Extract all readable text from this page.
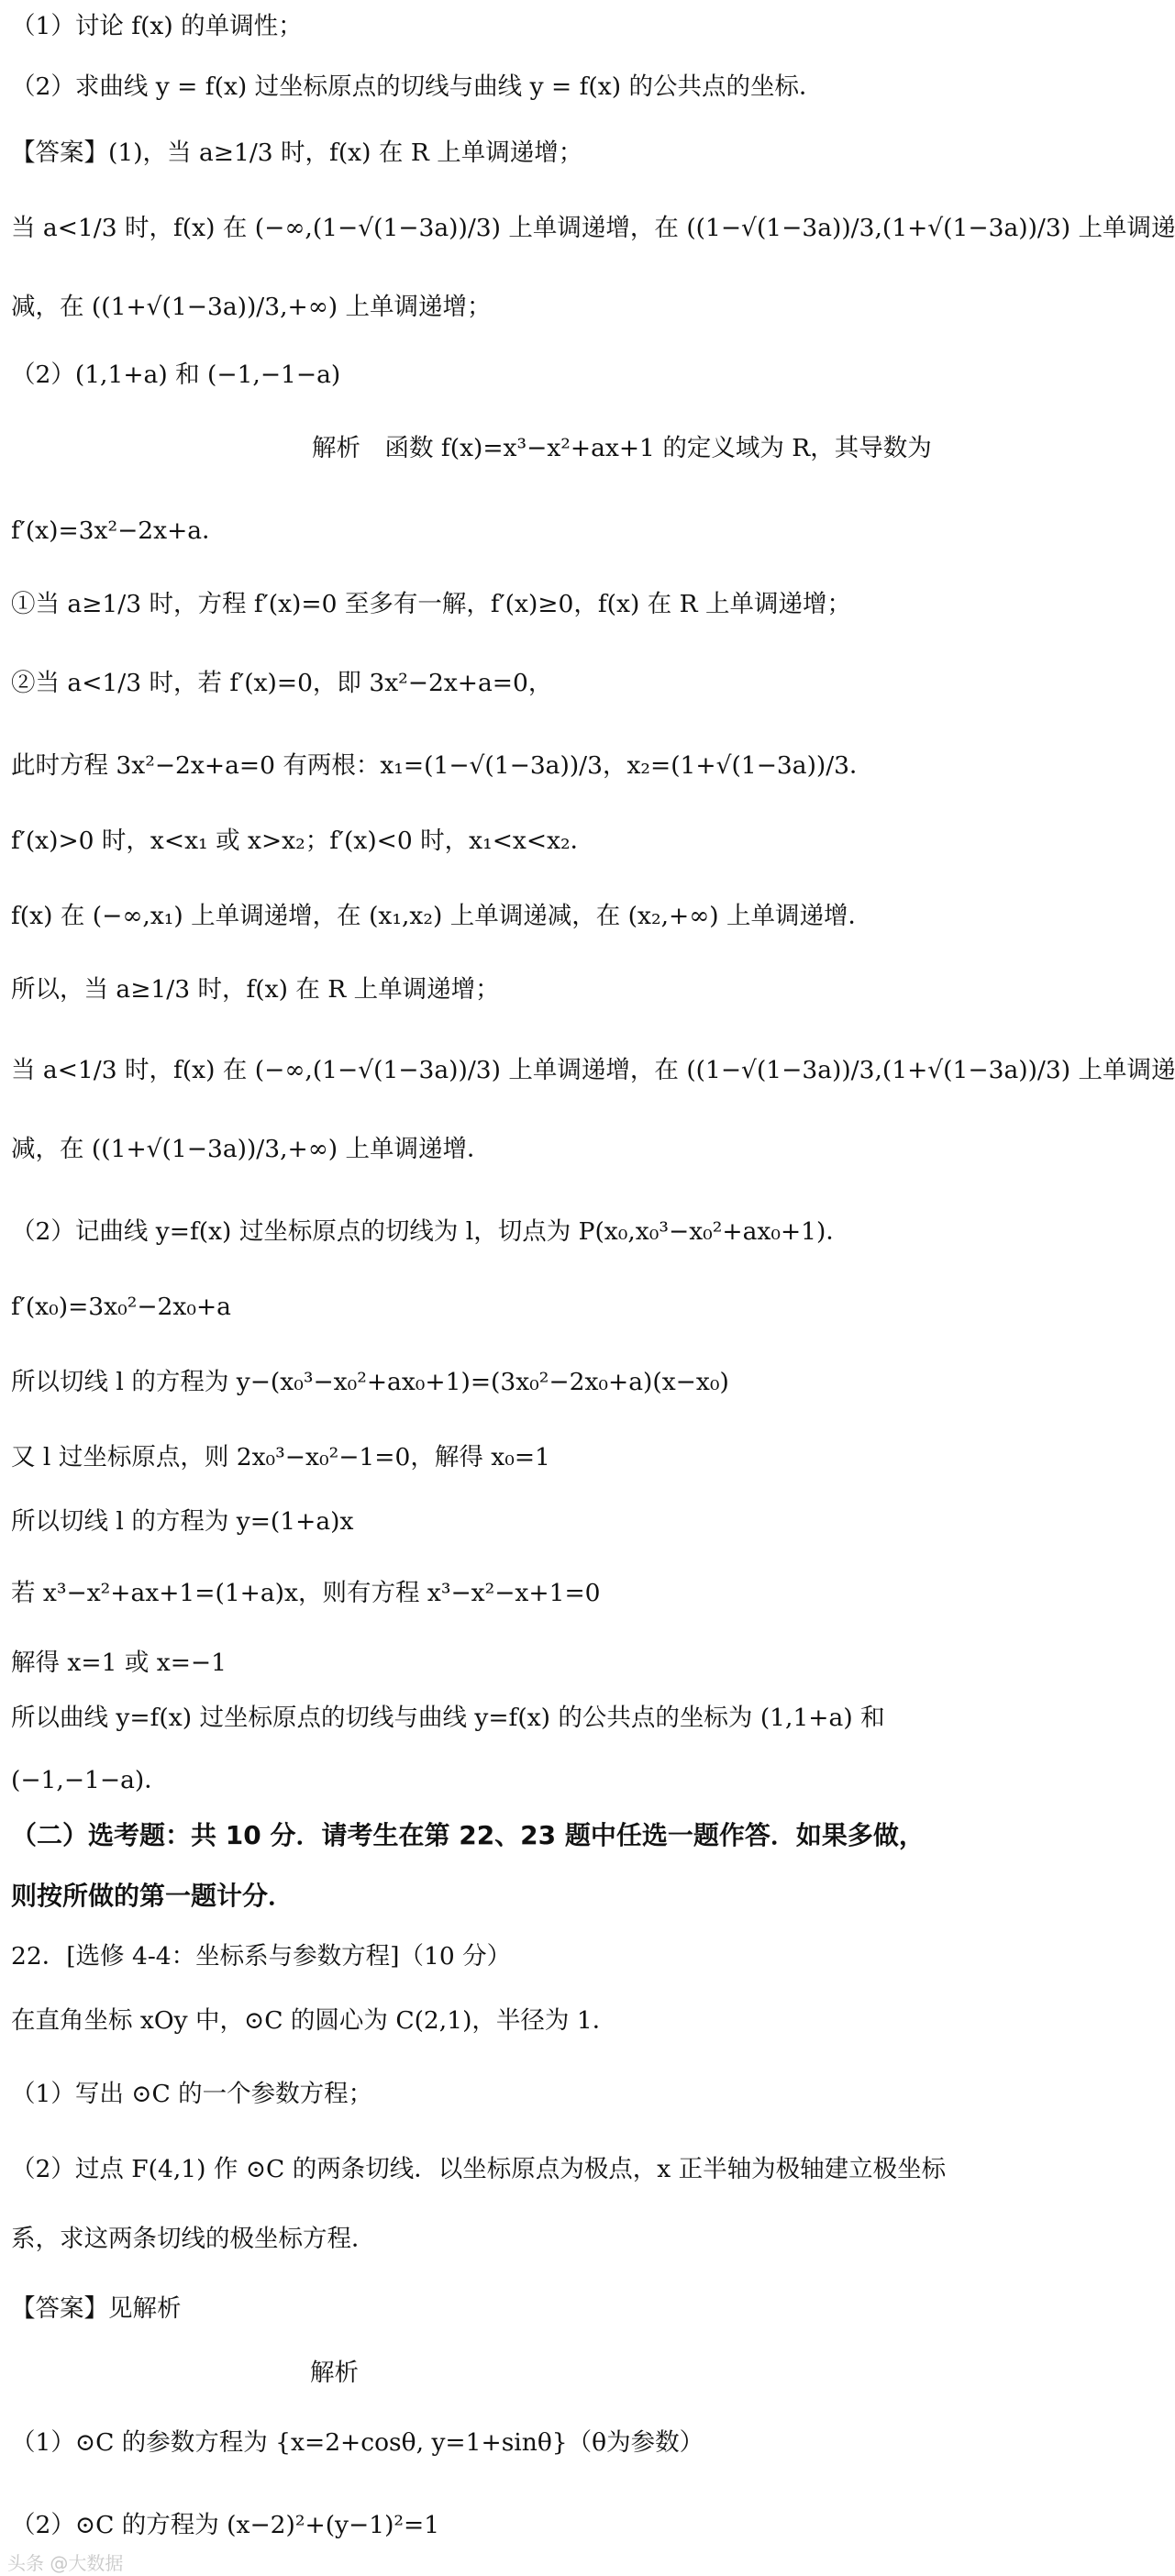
（1）讨论 f(x) 的单调性；
（2）求曲线 y = f(x) 过坐标原点的切线与曲线 y = f(x) 的公共点的坐标．
【答案】(1)，当 a≥1/3 时，f(x) 在 R 上单调递增；
当 a<1/3 时，f(x) 在 (−∞,(1−√(1−3a))/3) 上单调递增，在 ((1−√(1−3a))/3,(1+√(1−3a))/3) 上单调递
减，在 ((1+√(1−3a))/3,+∞) 上单调递增；
（2）(1,1+a) 和 (−1,−1−a)
解析　函数 f(x)=x³−x²+ax+1 的定义域为 R，其导数为
f′(x)=3x²−2x+a．
①当 a≥1/3 时，方程 f′(x)=0 至多有一解，f′(x)≥0，f(x) 在 R 上单调递增；
②当 a<1/3 时，若 f′(x)=0，即 3x²−2x+a=0，
此时方程 3x²−2x+a=0 有两根：x₁=(1−√(1−3a))/3，x₂=(1+√(1−3a))/3．
f′(x)>0 时，x<x₁ 或 x>x₂；f′(x)<0 时，x₁<x<x₂．
f(x) 在 (−∞,x₁) 上单调递增，在 (x₁,x₂) 上单调递减，在 (x₂,+∞) 上单调递增．
所以，当 a≥1/3 时，f(x) 在 R 上单调递增；
当 a<1/3 时，f(x) 在 (−∞,(1−√(1−3a))/3) 上单调递增，在 ((1−√(1−3a))/3,(1+√(1−3a))/3) 上单调递
减，在 ((1+√(1−3a))/3,+∞) 上单调递增．
（2）记曲线 y=f(x) 过坐标原点的切线为 l，切点为 P(x₀,x₀³−x₀²+ax₀+1)．
f′(x₀)=3x₀²−2x₀+a
所以切线 l 的方程为 y−(x₀³−x₀²+ax₀+1)=(3x₀²−2x₀+a)(x−x₀)
又 l 过坐标原点，则 2x₀³−x₀²−1=0，解得 x₀=1
所以切线 l 的方程为 y=(1+a)x
若 x³−x²+ax+1=(1+a)x，则有方程 x³−x²−x+1=0
解得 x=1 或 x=−1
所以曲线 y=f(x) 过坐标原点的切线与曲线 y=f(x) 的公共点的坐标为 (1,1+a) 和
(−1,−1−a)．
（二）选考题：共 10 分．请考生在第 22、23 题中任选一题作答．如果多做，
则按所做的第一题计分．
22．[选修 4-4：坐标系与参数方程]（10 分）
在直角坐标 xOy 中，⊙C 的圆心为 C(2,1)，半径为 1．
（1）写出 ⊙C 的一个参数方程；
（2）过点 F(4,1) 作 ⊙C 的两条切线．以坐标原点为极点，x 正半轴为极轴建立极坐标
系，求这两条切线的极坐标方程．
【答案】见解析
解析
（1）⊙C 的参数方程为 {x=2+cosθ, y=1+sinθ}（θ为参数）
（2）⊙C 的方程为 (x−2)²+(y−1)²=1
头条 @大数据
